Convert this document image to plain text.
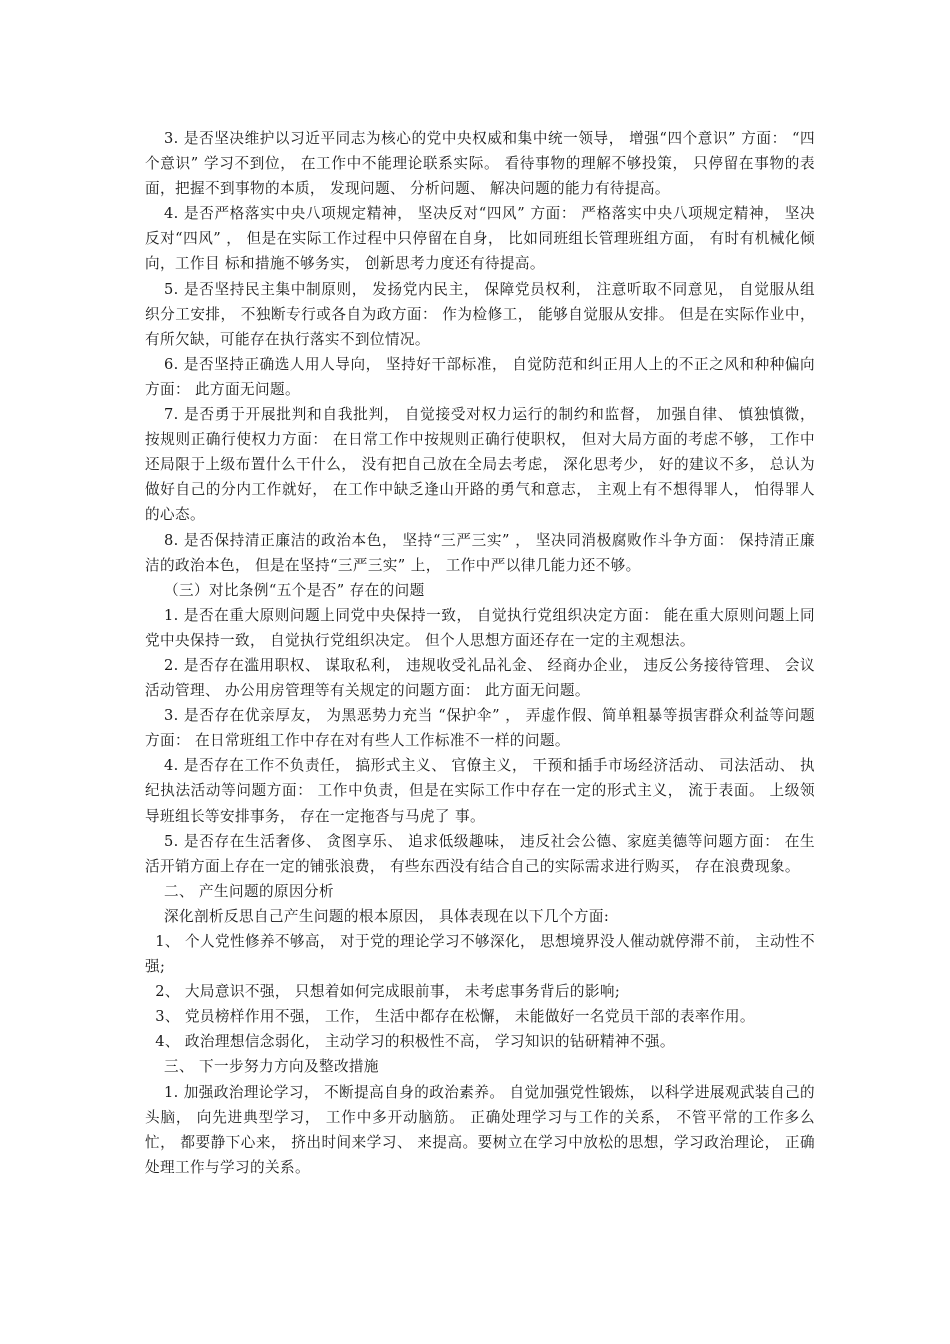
3. 是否坚决维护以习近平同志为核心的党中央权威和集中统一领导， 增强“四个意识” 方面： “四个意识” 学习不到位， 在工作中不能理论联系实际。 看待事物的理解不够投策， 只停留在事物的表面，把握不到事物的本质， 发现问题、 分析问题、 解决问题的能力有待提高。

4. 是否严格落实中央八项规定精神， 坚决反对“四风” 方面： 严格落实中央八项规定精神， 坚决反对“四风” ， 但是在实际工作过程中只停留在自身， 比如同班组长管理班组方面， 有时有机械化倾向，工作目 标和措施不够务实， 创新思考力度还有待提高。

5. 是否坚持民主集中制原则， 发扬党内民主， 保障党员权利， 注意听取不同意见， 自觉服从组织分工安排， 不独断专行或各自为政方面： 作为检修工， 能够自觉服从安排。 但是在实际作业中， 有所欠缺，可能存在执行落实不到位情况。

6. 是否坚持正确选人用人导向， 坚持好干部标准， 自觉防范和纠正用人上的不正之风和种种偏向方面： 此方面无问题。

7. 是否勇于开展批判和自我批判， 自觉接受对权力运行的制约和监督， 加强自律、 慎独慎微， 按规则正确行使权力方面： 在日常工作中按规则正确行使职权， 但对大局方面的考虑不够， 工作中还局限于上级布置什么干什么， 没有把自己放在全局去考虑， 深化思考少， 好的建议不多， 总认为做好自己的分内工作就好， 在工作中缺乏逢山开路的勇气和意志， 主观上有不想得罪人， 怕得罪人的心态。

8. 是否保持清正廉洁的政治本色， 坚持“三严三实” ， 坚决同消极腐败作斗争方面： 保持清正廉洁的政治本色， 但是在坚持“三严三实” 上， 工作中严以律几能力还不够。

（三）对比条例“五个是否” 存在的问题

1. 是否在重大原则问题上同党中央保持一致， 自觉执行党组织决定方面： 能在重大原则问题上同党中央保持一致， 自觉执行党组织决定。 但个人思想方面还存在一定的主观想法。

2. 是否存在滥用职权、 谋取私利， 违规收受礼品礼金、 经商办企业， 违反公务接待管理、 会议活动管理、 办公用房管理等有关规定的问题方面： 此方面无问题。

3. 是否存在优亲厚友， 为黑恶势力充当 “保护伞” ， 弄虚作假、简单粗暴等损害群众利益等问题方面： 在日常班组工作中存在对有些人工作标准不一样的问题。

4. 是否存在工作不负责任， 搞形式主义、 官僚主义， 干预和插手市场经济活动、 司法活动、 执纪执法活动等问题方面： 工作中负责，但是在实际工作中存在一定的形式主义， 流于表面。 上级领导班组长等安排事务， 存在一定拖沓与马虎了 事。

5. 是否存在生活奢侈、 贪图享乐、 追求低级趣味， 违反社会公德、家庭美德等问题方面： 在生活开销方面上存在一定的铺张浪费， 有些东西没有结合自己的实际需求进行购买， 存在浪费现象。

二、 产生问题的原因分析

深化剖析反思自己产生问题的根本原因， 具体表现在以下几个方面:

1、 个人党性修养不够高， 对于党的理论学习不够深化， 思想境界没人催动就停滞不前， 主动性不强;

2、 大局意识不强， 只想着如何完成眼前事， 未考虑事务背后的影响;

3、 党员榜样作用不强， 工作， 生活中都存在松懈， 未能做好一名党员干部的表率作用。

4、 政治理想信念弱化， 主动学习的积极性不高， 学习知识的钻研精神不强。

三、 下一步努力方向及整改措施

1. 加强政治理论学习， 不断提高自身的政治素养。 自觉加强党性锻炼， 以科学进展观武装自己的头脑， 向先进典型学习， 工作中多开动脑筋。 正确处理学习与工作的关系， 不管平常的工作多么忙， 都要静下心来， 挤出时间来学习、 来提高。要树立在学习中放松的思想，学习政治理论， 正确处理工作与学习的关系。
